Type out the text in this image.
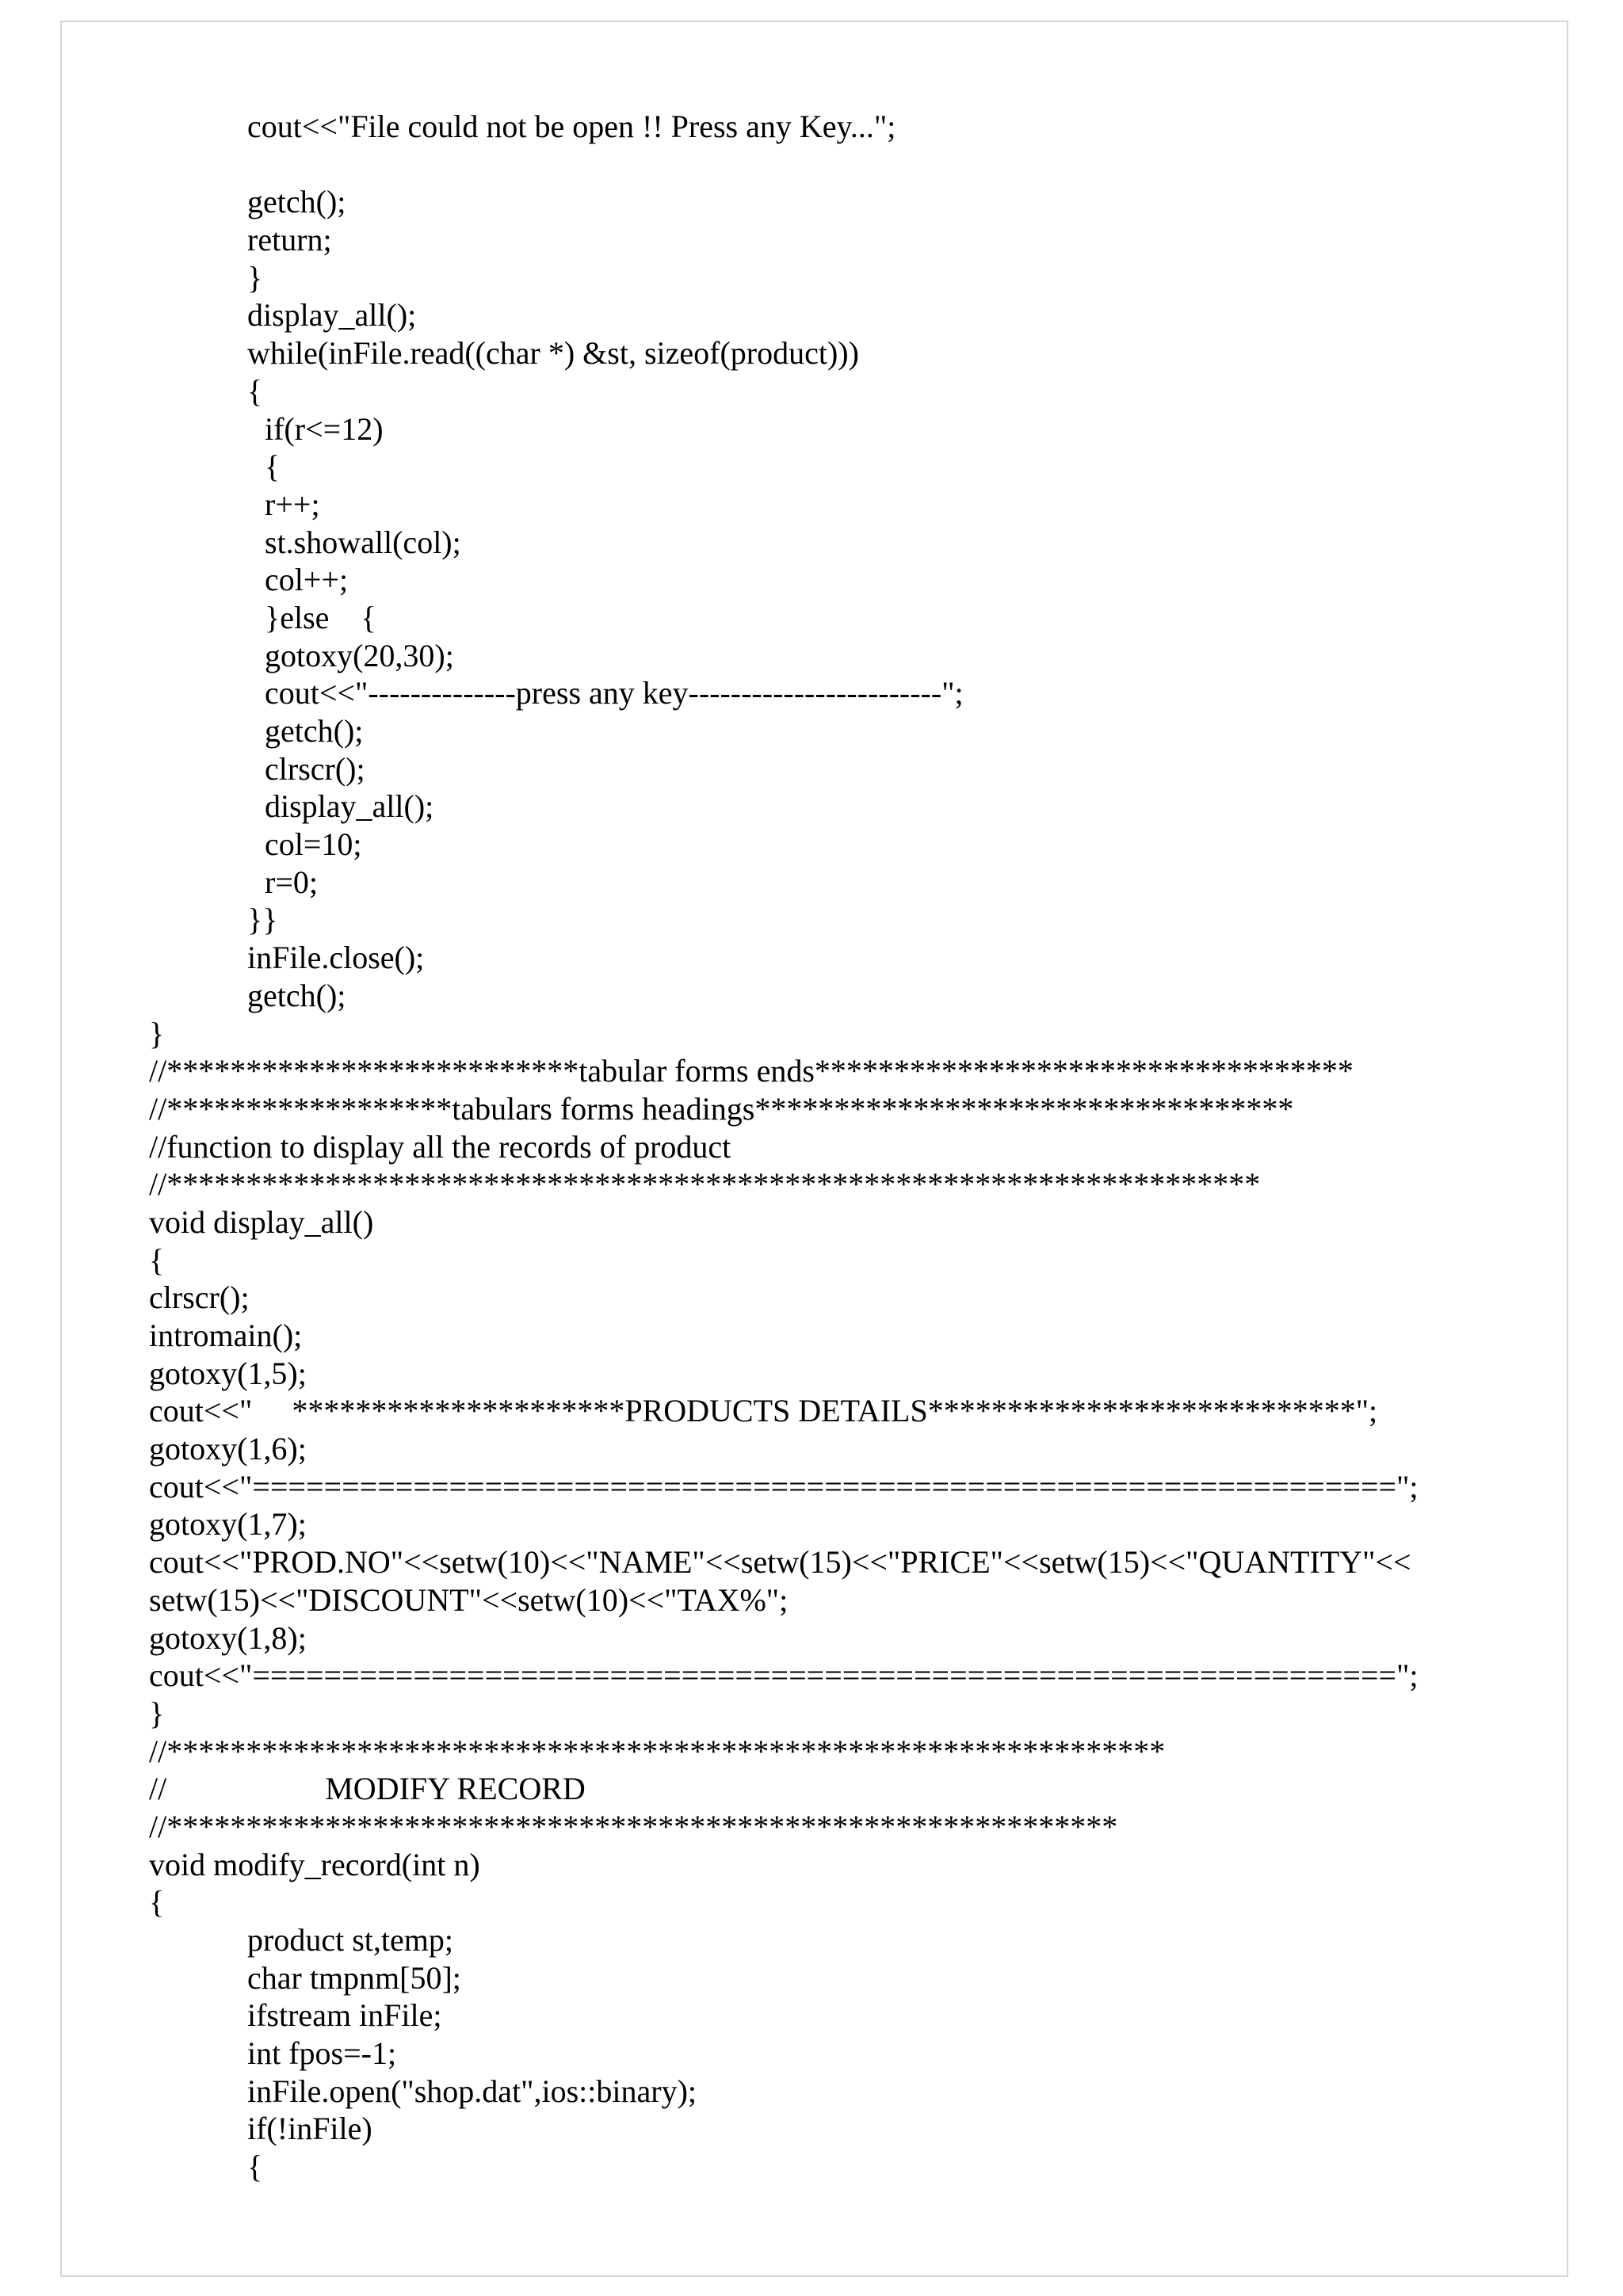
cout<<"File could not be open !! Press any Key...";
getch();
return;
}
display_all();
while(inFile.read((char *) &st, sizeof(product)))
{
if(r<=12)
{
r++;
st.showall(col);
col++;
}else    {
gotoxy(20,30);
cout<<"--------------press any key------------------------";
getch();
clrscr();
display_all();
col=10;
r=0;
}}
inFile.close();
getch();
}
//**************************tabular forms ends**********************************
//******************tabulars forms headings**********************************
//function to display all the records of product
//*********************************************************************
void display_all()
{
clrscr();
intromain();
gotoxy(1,5);
cout<<"     *********************PRODUCTS DETAILS***************************";
gotoxy(1,6);
cout<<"================================================================";
gotoxy(1,7);
cout<<"PROD.NO"<<setw(10)<<"NAME"<<setw(15)<<"PRICE"<<setw(15)<<"QUANTITY"<<
setw(15)<<"DISCOUNT"<<setw(10)<<"TAX%";
gotoxy(1,8);
cout<<"================================================================";
}
//***************************************************************
//                    MODIFY RECORD
//************************************************************
void modify_record(int n)
{
product st,temp;
char tmpnm[50];
ifstream inFile;
int fpos=-1;
inFile.open("shop.dat",ios::binary);
if(!inFile)
{
